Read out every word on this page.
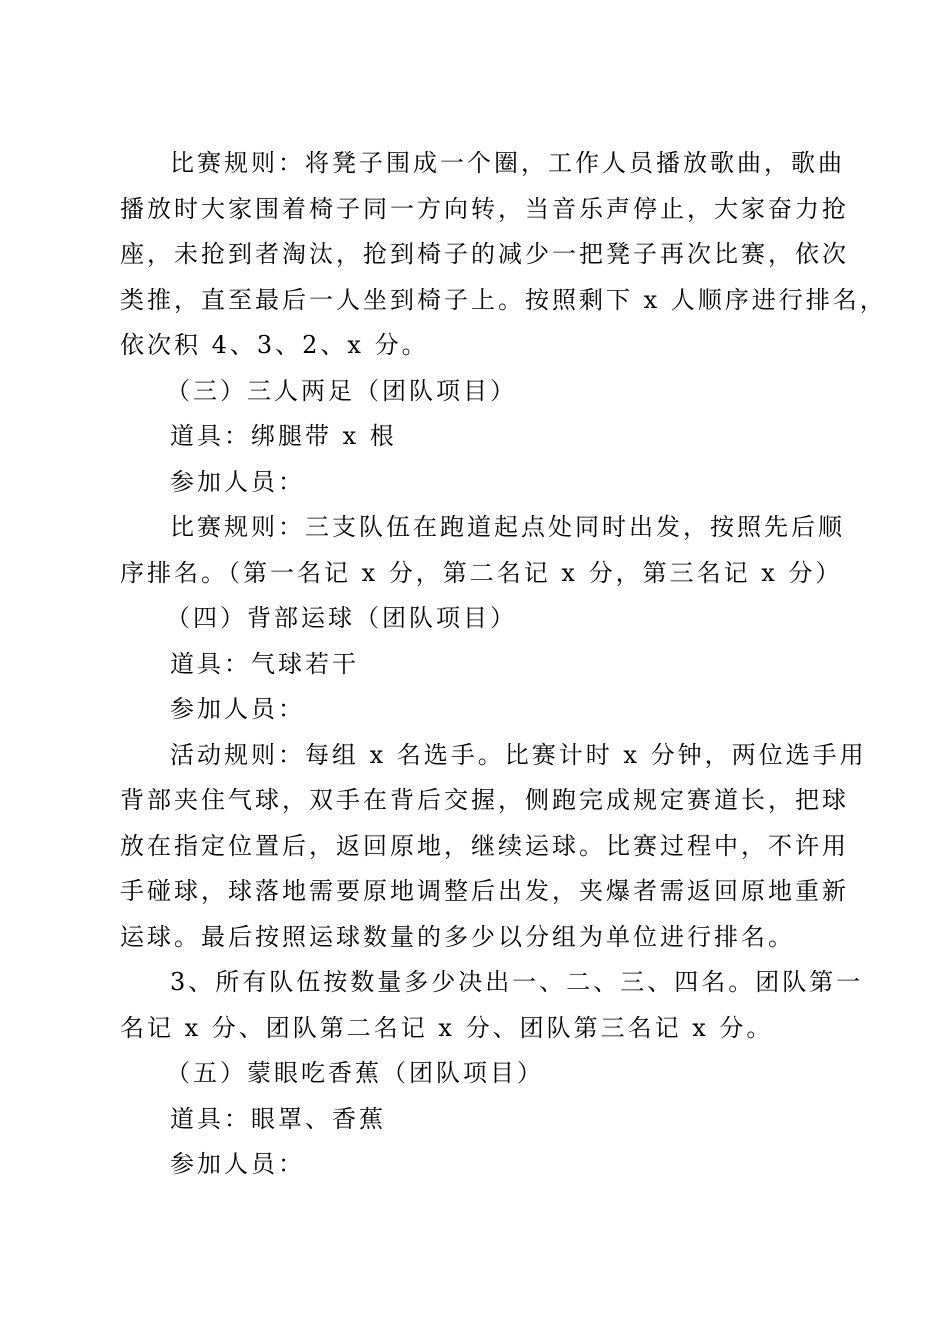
比赛规则：将凳子围成一个圈，工作人员播放歌曲，歌曲
播放时大家围着椅子同一方向转，当音乐声停止，大家奋力抢
座，未抢到者淘汰，抢到椅子的减少一把凳子再次比赛，依次
类推，直至最后一人坐到椅子上。按照剩下 x 人顺序进行排名，
依次积 4、3、2、x 分。
（三）三人两足（团队项目）
道具：绑腿带 x 根
参加人员：
比赛规则：三支队伍在跑道起点处同时出发，按照先后顺
序排名。（第一名记 x 分，第二名记 x 分，第三名记 x 分）
（四）背部运球（团队项目）
道具：气球若干
参加人员：
活动规则：每组 x 名选手。比赛计时 x 分钟，两位选手用
背部夹住气球，双手在背后交握，侧跑完成规定赛道长，把球
放在指定位置后，返回原地，继续运球。比赛过程中，不许用
手碰球，球落地需要原地调整后出发，夹爆者需返回原地重新
运球。最后按照运球数量的多少以分组为单位进行排名。
3、所有队伍按数量多少决出一、二、三、四名。团队第一
名记 x 分、团队第二名记 x 分、团队第三名记 x 分。
（五）蒙眼吃香蕉（团队项目）
道具：眼罩、香蕉
参加人员：
